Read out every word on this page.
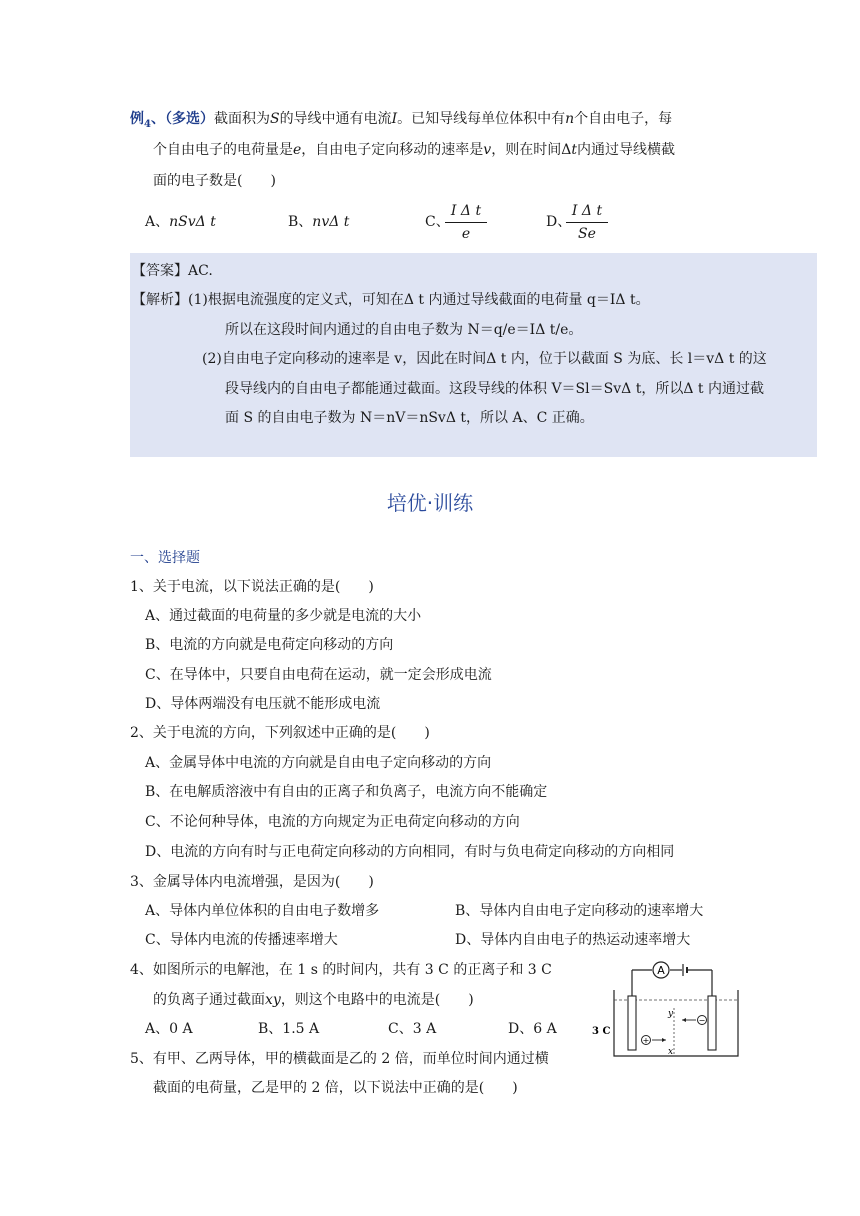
例$_4$、（多选）截面积为S的导线中通有电流I。已知导线每单位体积中有n个自由电子，每
个自由电子的电荷量是e，自由电子定向移动的速率是v，则在时间Δt内通过导线横截
面的电子数是(　　)
A、nSvΔ t	B、nvΔ t	C、
I Δ t
e
D、
I Δ t
Se
【答案】AC.
【解析】(1)根据电流强度的定义式，可知在Δ t 内通过导线截面的电荷量 q＝IΔ t。
所以在这段时间内通过的自由电子数为 N＝q/e＝IΔ t/e。
(2)自由电子定向移动的速率是 v，因此在时间Δ t 内，位于以截面 S 为底、长 l＝vΔ t 的这
段导线内的自由电子都能通过截面。这段导线的体积 V＝Sl＝SvΔ t，所以Δ t 内通过截
面 S 的自由电子数为 N＝nV＝nSvΔ t，所以 A、C 正确。
培优·训练
一、选择题
1、关于电流，以下说法正确的是(　　)
A、通过截面的电荷量的多少就是电流的大小
B、电流的方向就是电荷定向移动的方向
C、在导体中，只要自由电荷在运动，就一定会形成电流
D、导体两端没有电压就不能形成电流
2、关于电流的方向，下列叙述中正确的是(　　)
A、金属导体中电流的方向就是自由电子定向移动的方向
B、在电解质溶液中有自由的正离子和负离子，电流方向不能确定
C、不论何种导体，电流的方向规定为正电荷定向移动的方向
D、电流的方向有时与正电荷定向移动的方向相同，有时与负电荷定向移动的方向相同
3、金属导体内电流增强，是因为(　　)
A、导体内单位体积的自由电子数增多	B、导体内自由电子定向移动的速率增大
C、导体内电流的传播速率增大	D、导体内自由电子的热运动速率增大
4、如图所示的电解池，在 1 s 的时间内，共有 3 C 的正离子和 3 C
的负离子通过截面xy，则这个电路中的电流是(　　)
A、0 A	B、1.5 A	C、3 A	D、6 A
5、有甲、乙两导体，甲的横截面是乙的 2 倍，而单位时间内通过横
截面的电荷量，乙是甲的 2 倍，以下说法中正确的是(　　)
A
y
x
−
+
3 C
